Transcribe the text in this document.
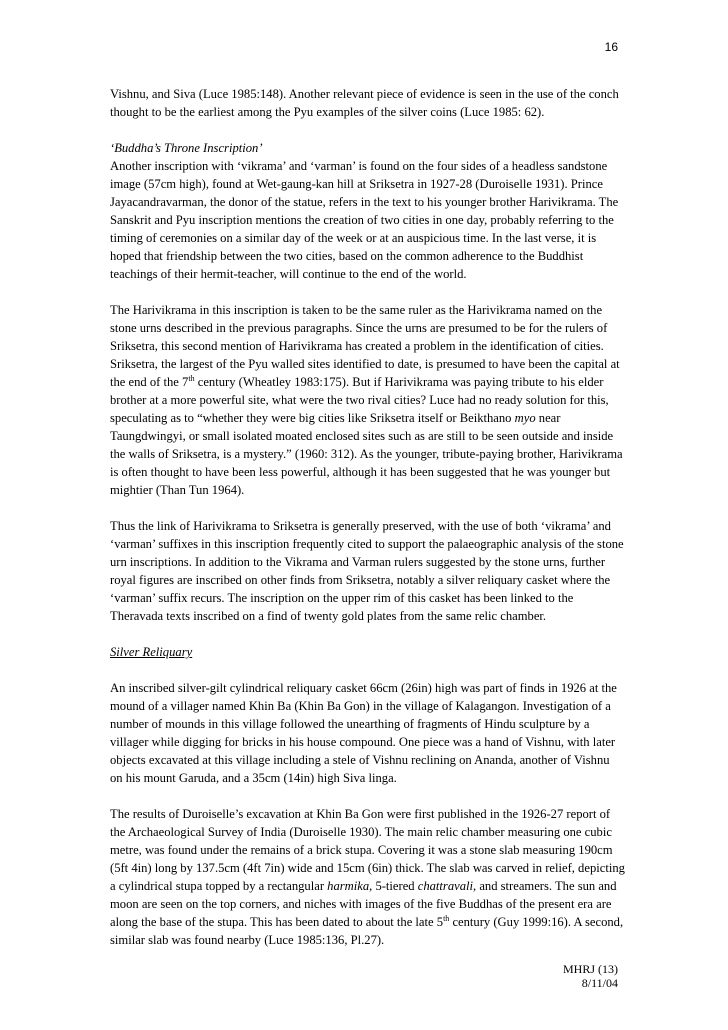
16

Vishnu, and Siva (Luce 1985:148). Another relevant piece of evidence is seen in the use of the conch thought to be the earliest among the Pyu examples of the silver coins (Luce 1985: 62).

‘Buddha’s Throne Inscription’
Another inscription with ‘vikrama’ and ‘varman’ is found on the four sides of a headless sandstone image (57cm high), found at Wet-gaung-kan hill at Sriksetra in 1927-28 (Duroiselle 1931). Prince Jayacandravarman, the donor of the statue, refers in the text to his younger brother Harivikrama. The Sanskrit and Pyu inscription mentions the creation of two cities in one day, probably referring to the timing of ceremonies on a similar day of the week or at an auspicious time. In the last verse, it is hoped that friendship between the two cities, based on the common adherence to the Buddhist teachings of their hermit-teacher, will continue to the end of the world.

The Harivikrama in this inscription is taken to be the same ruler as the Harivikrama named on the stone urns described in the previous paragraphs. Since the urns are presumed to be for the rulers of Sriksetra, this second mention of Harivikrama has created a problem in the identification of cities. Sriksetra, the largest of the Pyu walled sites identified to date, is presumed to have been the capital at the end of the 7th century (Wheatley 1983:175). But if Harivikrama was paying tribute to his elder brother at a more powerful site, what were the two rival cities? Luce had no ready solution for this, speculating as to “whether they were big cities like Sriksetra itself or Beikthano myo near Taungdwingyi, or small isolated moated enclosed sites such as are still to be seen outside and inside the walls of Sriksetra, is a mystery.” (1960: 312). As the younger, tribute-paying brother, Harivikrama is often thought to have been less powerful, although it has been suggested that he was younger but mightier (Than Tun 1964).

Thus the link of Harivikrama to Sriksetra is generally preserved, with the use of both ‘vikrama’ and ‘varman’ suffixes in this inscription frequently cited to support the palaeographic analysis of the stone urn inscriptions. In addition to the Vikrama and Varman rulers suggested by the stone urns, further royal figures are inscribed on other finds from Sriksetra, notably a silver reliquary casket where the ‘varman’ suffix recurs. The inscription on the upper rim of this casket has been linked to the Theravada texts inscribed on a find of twenty gold plates from the same relic chamber.

Silver Reliquary

An inscribed silver-gilt cylindrical reliquary casket 66cm (26in) high was part of finds in 1926 at the mound of a villager named Khin Ba (Khin Ba Gon) in the village of Kalagangon. Investigation of a number of mounds in this village followed the unearthing of fragments of Hindu sculpture by a villager while digging for bricks in his house compound. One piece was a hand of Vishnu, with later objects excavated at this village including a stele of Vishnu reclining on Ananda, another of Vishnu on his mount Garuda, and a 35cm (14in) high Siva linga.

The results of Duroiselle’s excavation at Khin Ba Gon were first published in the 1926-27 report of the Archaeological Survey of India (Duroiselle 1930). The main relic chamber measuring one cubic metre, was found under the remains of a brick stupa. Covering it was a stone slab measuring 190cm (5ft 4in) long by 137.5cm (4ft 7in) wide and 15cm (6in) thick. The slab was carved in relief, depicting a cylindrical stupa topped by a rectangular harmika, 5-tiered chattravali, and streamers. The sun and moon are seen on the top corners, and niches with images of the five Buddhas of the present era are along the base of the stupa. This has been dated to about the late 5th century (Guy 1999:16). A second, similar slab was found nearby (Luce 1985:136, Pl.27).

MHRJ (13)
8/11/04
